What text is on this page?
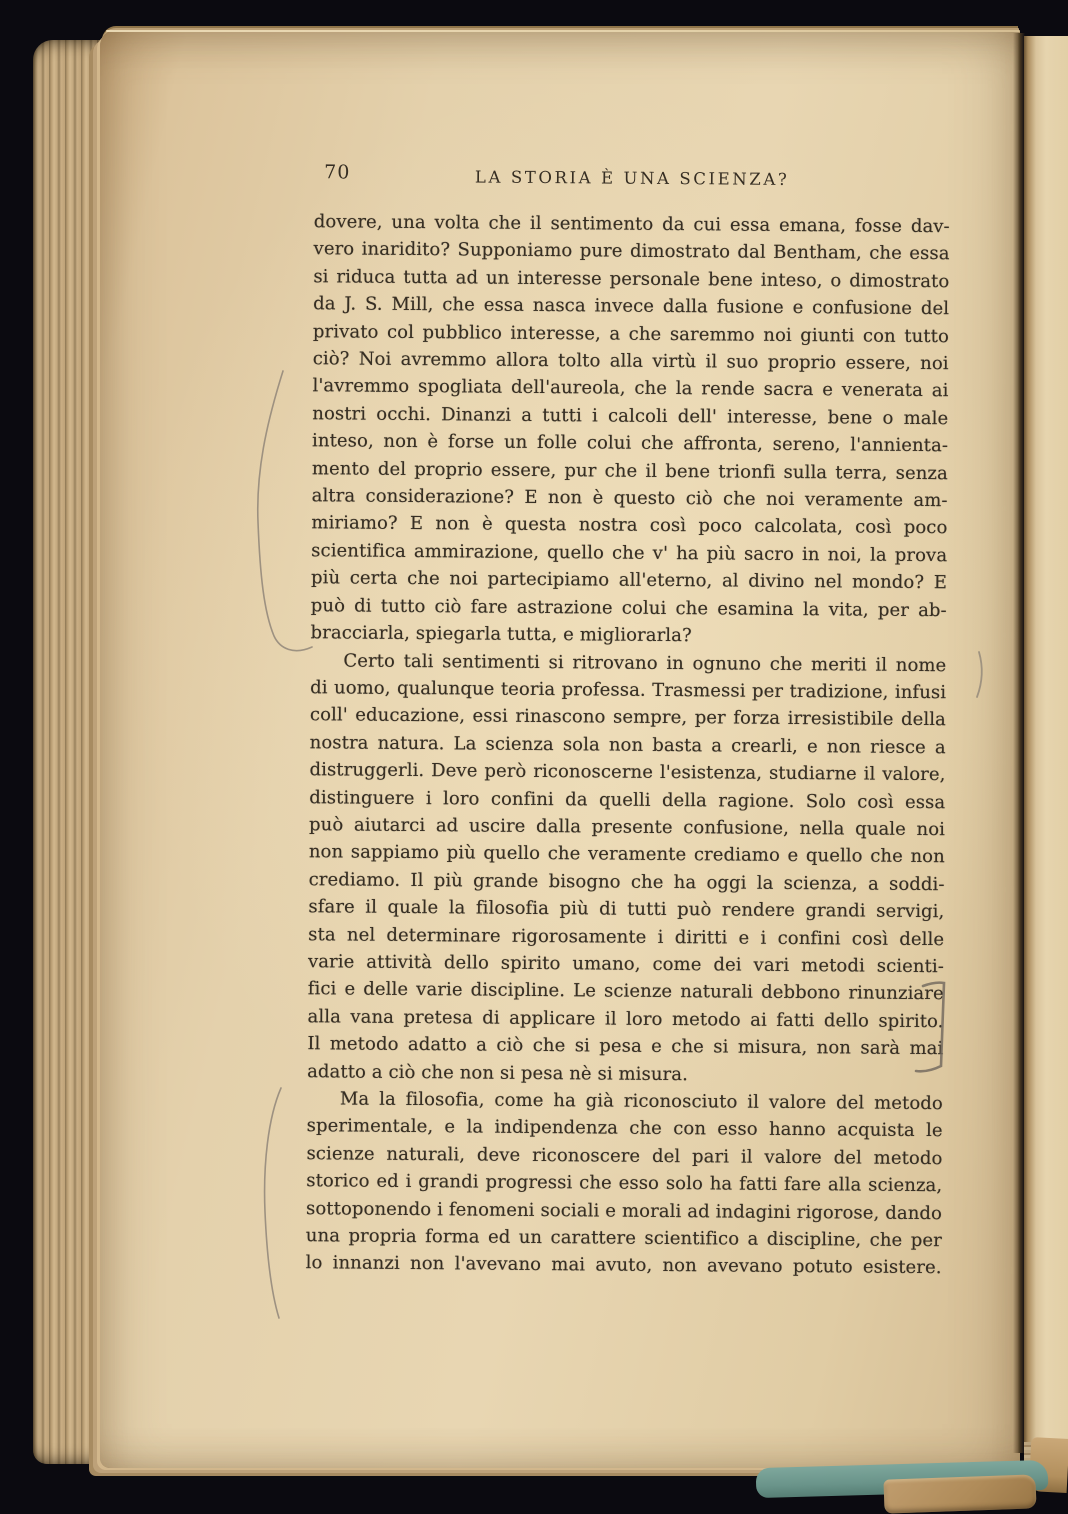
70	LA STORIA È UNA SCIENZA?
dovere, una volta che il sentimento da cui essa emana, fosse dav-
vero inaridito? Supponiamo pure dimostrato dal Bentham, che essa
si riduca tutta ad un interesse personale bene inteso, o dimostrato
da J. S. Mill, che essa nasca invece dalla fusione e confusione del
privato col pubblico interesse, a che saremmo noi giunti con tutto
ciò? Noi avremmo allora tolto alla virtù il suo proprio essere, noi
l'avremmo spogliata dell'aureola, che la rende sacra e venerata ai
nostri occhi. Dinanzi a tutti i calcoli dell' interesse, bene o male
inteso, non è forse un folle colui che affronta, sereno, l'annienta-
mento del proprio essere, pur che il bene trionfi sulla terra, senza
altra considerazione? E non è questo ciò che noi veramente am-
miriamo? E non è questa nostra così poco calcolata, così poco
scientifica ammirazione, quello che v' ha più sacro in noi, la prova
più certa che noi partecipiamo all'eterno, al divino nel mondo? E
può di tutto ciò fare astrazione colui che esamina la vita, per ab-
bracciarla, spiegarla tutta, e migliorarla?
Certo tali sentimenti si ritrovano in ognuno che meriti il nome
di uomo, qualunque teoria professa. Trasmessi per tradizione, infusi
coll' educazione, essi rinascono sempre, per forza irresistibile della
nostra natura. La scienza sola non basta a crearli, e non riesce a
distruggerli. Deve però riconoscerne l'esistenza, studiarne il valore,
distinguere i loro confini da quelli della ragione. Solo così essa
può aiutarci ad uscire dalla presente confusione, nella quale noi
non sappiamo più quello che veramente crediamo e quello che non
crediamo. Il più grande bisogno che ha oggi la scienza, a soddi-
sfare il quale la filosofia più di tutti può rendere grandi servigi,
sta nel determinare rigorosamente i diritti e i confini così delle
varie attività dello spirito umano, come dei vari metodi scienti-
fici e delle varie discipline. Le scienze naturali debbono rinunziare
alla vana pretesa di applicare il loro metodo ai fatti dello spirito.
Il metodo adatto a ciò che si pesa e che si misura, non sarà mai
adatto a ciò che non si pesa nè si misura.
Ma la filosofia, come ha già riconosciuto il valore del metodo
sperimentale, e la indipendenza che con esso hanno acquista le
scienze naturali, deve riconoscere del pari il valore del metodo
storico ed i grandi progressi che esso solo ha fatti fare alla scienza,
sottoponendo i fenomeni sociali e morali ad indagini rigorose, dando
una propria forma ed un carattere scientifico a discipline, che per
lo innanzi non l'avevano mai avuto, non avevano potuto esistere.
